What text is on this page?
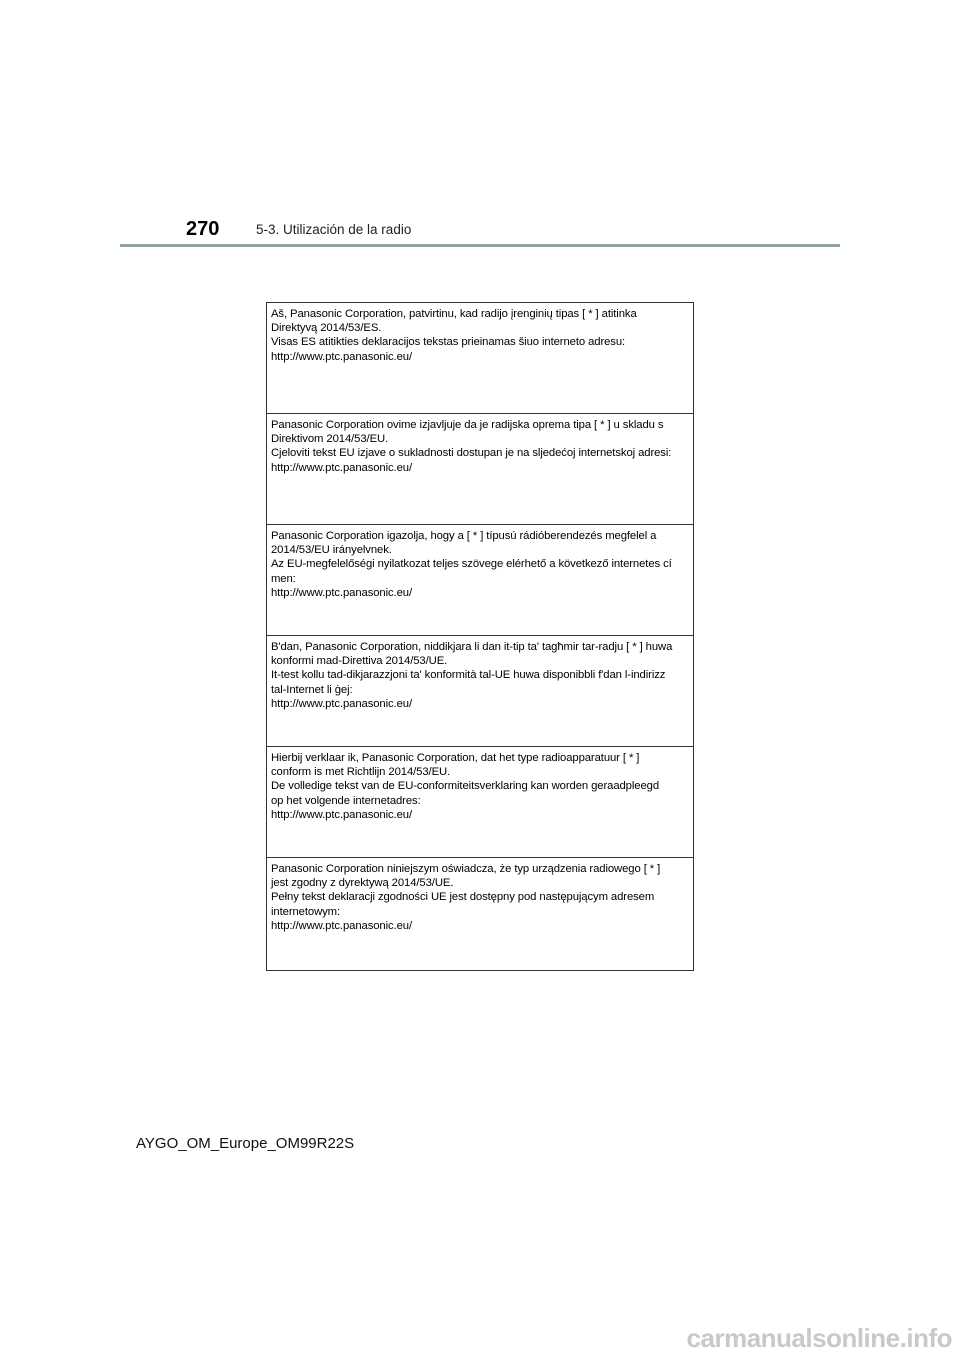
270	5-3. Utilización de la radio
Aš, Panasonic Corporation, patvirtinu, kad radijo įrenginių tipas [ * ] atitinka
Direktyvą 2014/53/ES.
Visas ES atitikties deklaracijos tekstas prieinamas šiuo interneto adresu:
http://www.ptc.panasonic.eu/
Panasonic Corporation ovime izjavljuje da je radijska oprema tipa [ * ] u skladu s
Direktivom 2014/53/EU.
Cjeloviti tekst EU izjave o sukladnosti dostupan je na sljedećoj internetskoj adresi:
http://www.ptc.panasonic.eu/
Panasonic Corporation igazolja, hogy a [ * ] típusú rádióberendezés megfelel a
2014/53/EU irányelvnek.
Az EU-megfelelőségi nyilatkozat teljes szövege elérhető a következő internetes cí
men:
http://www.ptc.panasonic.eu/
B'dan, Panasonic Corporation, niddikjara li dan it-tip ta' tagħmir tar-radju [ * ] huwa
konformi mad-Direttiva 2014/53/UE.
It-test kollu tad-dikjarazzjoni ta' konformità tal-UE huwa disponibbli f'dan l-indirizz
tal-Internet li ġej:
http://www.ptc.panasonic.eu/
Hierbij verklaar ik, Panasonic Corporation, dat het type radioapparatuur [ * ]
conform is met Richtlijn 2014/53/EU.
De volledige tekst van de EU-conformiteitsverklaring kan worden geraadpleegd
op het volgende internetadres:
http://www.ptc.panasonic.eu/
Panasonic Corporation niniejszym oświadcza, że typ urządzenia radiowego [ * ]
jest zgodny z dyrektywą 2014/53/UE.
Pełny tekst deklaracji zgodności UE jest dostępny pod następującym adresem
internetowym:
http://www.ptc.panasonic.eu/
AYGO_OM_Europe_OM99R22S
carmanualsonline.info
